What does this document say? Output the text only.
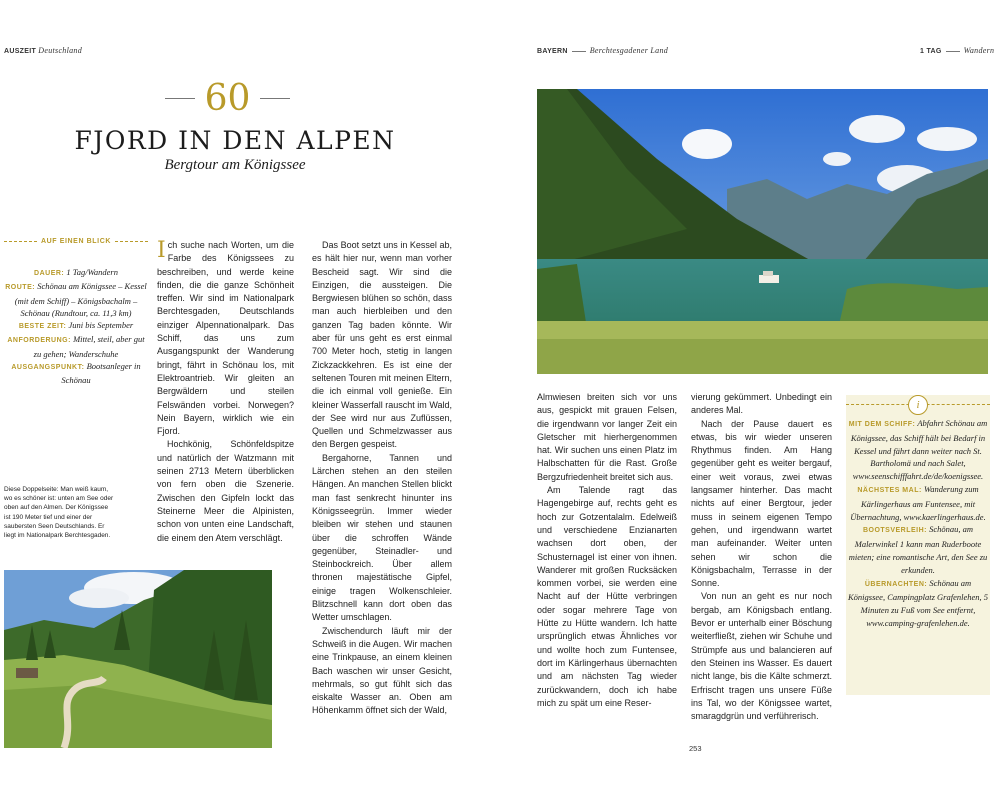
AUSZEIT Deutschland	BAYERN	Berchtesgadener Land	1 TAG	Wandern
60
FJORD IN DEN ALPEN
Bergtour am Königssee
AUF EINEN BLICK
DAUER: 1 Tag/Wandern
ROUTE: Schönau am Königssee – Kessel (mit dem Schiff) – Königsbachalm – Schönau (Rundtour, ca. 11,3 km)
BESTE ZEIT: Juni bis September
ANFORDERUNG: Mittel, steil, aber gut zu gehen; Wanderschuhe
AUSGANGSPUNKT: Bootsanleger in Schönau
Diese Doppelseite: Man weiß kaum, wo es schöner ist: unten am See oder oben auf den Almen. Der Königssee ist 190 Meter tief und einer der saubersten Seen Deutschlands. Er liegt im Nationalpark Berchtesgaden.

Ich suche nach Worten, um die Farbe des Königssees zu beschreiben, und werde keine finden, die die ganze Schönheit treffen. Wir sind im Nationalpark Berchtesgaden, Deutschlands einziger Alpennationalpark. Das Schiff, das uns zum Ausgangspunkt der Wanderung bringt, fährt in Schönau los, mit Elektroantrieb. Wir gleiten an Bergwäldern und steilen Felswänden vorbei. Norwegen? Nein Bayern, wirklich wie ein Fjord.

Hochkönig, Schönfeldspitze und natürlich der Watzmann mit seinen 2713 Metern überblicken von fern oben die Szenerie. Zwischen den Gipfeln lockt das Steinerne Meer die Alpinisten, schon von unten eine Landschaft, die einem den Atem verschlägt.

Das Boot setzt uns in Kessel ab, es hält hier nur, wenn man vorher Bescheid sagt. Wir sind die Einzigen, die aussteigen. Die Bergwiesen blühen so schön, dass man auch hierbleiben und den ganzen Tag baden könnte. Wir aber für uns geht es erst einmal 700 Meter hoch, stetig in langen Zickzackkehren. Es ist eine der seltenen Touren mit meinen Eltern, die ich einmal voll genieße. Ein kleiner Wasserfall rauscht im Wald, der See wird nur aus Zuflüssen, Quellen und Schmelzwasser aus den Bergen gespeist.

Bergahorne, Tannen und Lärchen stehen an den steilen Hängen. An manchen Stellen blickt man fast senkrecht hinunter ins Königsseegrün. Immer wieder bleiben wir stehen und staunen über die schroffen Wände gegenüber, Steinadler- und Steinbockreich. Über allem thronen majestätische Gipfel, einige tragen Wolkenschleier. Blitzschnell kann dort oben das Wetter umschlagen.

Zwischendurch läuft mir der Schweiß in die Augen. Wir machen eine Trinkpause, an einem kleinen Bach waschen wir unser Gesicht, mehrmals, so gut fühlt sich das eiskalte Wasser an. Oben am Höhenkamm öffnet sich der Wald,

Almwiesen breiten sich vor uns aus, gespickt mit grauen Felsen, die irgendwann vor langer Zeit ein Gletscher mit hierhergenommen hat. Wir suchen uns einen Platz im Halbschatten für die Rast. Große Bergzufriedenheit breitet sich aus.

Am Talende ragt das Hagengebirge auf, rechts geht es hoch zur Gotzentalalm. Edelweiß und verschiedene Enzianarten wachsen dort oben, der Schusternagel ist einer von ihnen. Wanderer mit großen Rucksäcken kommen vorbei, sie werden eine Nacht auf der Hütte verbringen oder sogar mehrere Tage von Hütte zu Hütte wandern. Ich hatte ursprünglich etwas Ähnliches vor und wollte hoch zum Funtensee, dort im Kärlingerhaus übernachten und am nächsten Tag wieder zurückwandern, doch ich habe mich zu spät um eine Reser-

vierung gekümmert. Unbedingt ein anderes Mal.

Nach der Pause dauert es etwas, bis wir wieder unseren Rhythmus finden. Am Hang gegenüber geht es weiter bergauf, einer weit voraus, zwei etwas langsamer hinterher. Das macht nichts auf einer Bergtour, jeder muss in seinem eigenen Tempo gehen, und irgendwann wartet man aufeinander. Weiter unten sehen wir schon die Königsbachalm, Terrasse in der Sonne.

Von nun an geht es nur noch bergab, am Königsbach entlang. Bevor er unterhalb einer Böschung weiterfließt, ziehen wir Schuhe und Strümpfe aus und balancieren auf den Steinen ins Wasser. Es dauert nicht lange, bis die Kälte schmerzt. Erfrischt tragen uns unsere Füße ins Tal, wo der Königssee wartet, smaragdgrün und verführerisch.

i
MIT DEM SCHIFF: Abfahrt Schönau am Königssee, das Schiff hält bei Bedarf in Kessel und fährt dann weiter nach St. Bartholomä und nach Salet, www.seenschifffahrt.de/de/koenigssee.
NÄCHSTES MAL: Wanderung zum Kärlingerhaus am Funtensee, mit Übernachtung, www.kaerlingerhaus.de.
BOOTSVERLEIH: Schönau, am Malerwinkel 1 kann man Ruderboote mieten; eine romantische Art, den See zu erkunden.
ÜBERNACHTEN: Schönau am Königssee, Campingplatz Grafenlehen, 5 Minuten zu Fuß vom See entfernt, www.camping-grafenlehen.de.
253
